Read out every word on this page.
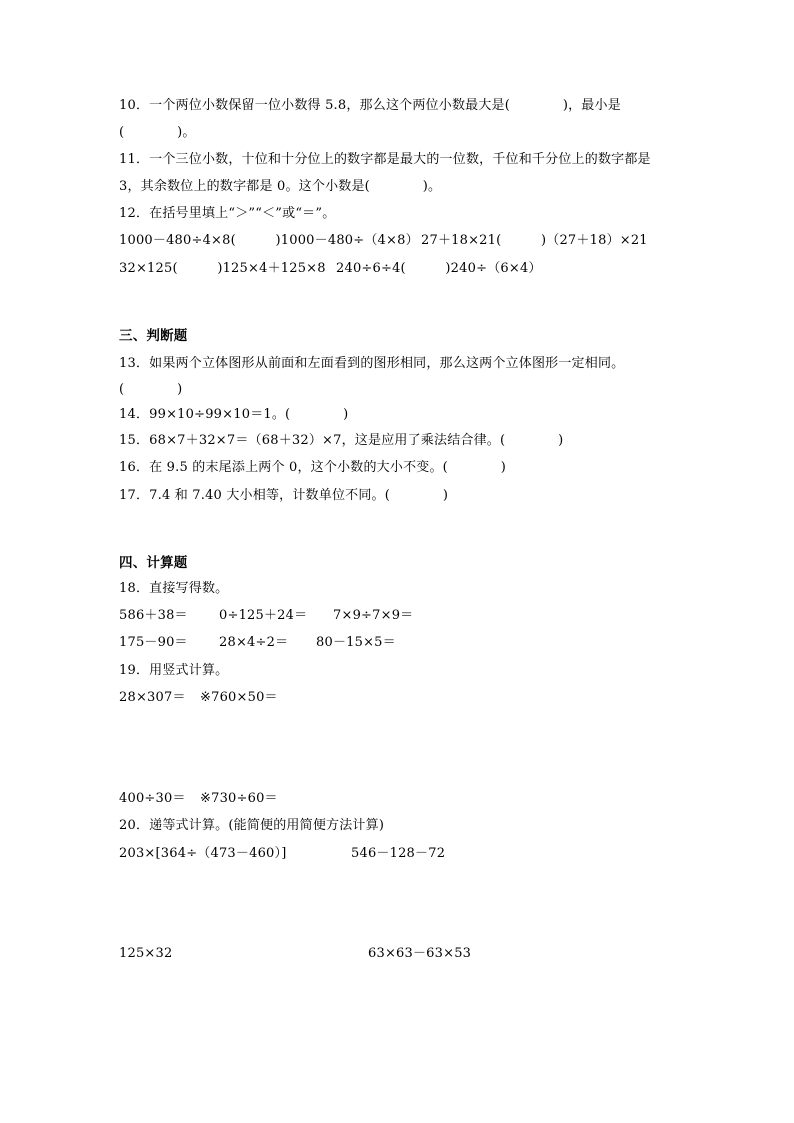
10．一个两位小数保留一位小数得 5.8，那么这个两位小数最大是(　　　　)，最小是
(　　　　)。
11．一个三位小数，十位和十分位上的数字都是最大的一位数，千位和千分位上的数字都是
3，其余数位上的数字都是 0。这个小数是(　　　　)。
12．在括号里填上“＞”“＜”或“＝”。
1000－480÷4×8(　　　)1000－480÷（4×8） 27＋18×21(　　　)（27＋18）×21
32×125(　　　)125×4＋125×8 240÷6÷4(　　　)240÷（6×4）
三、判断题
13．如果两个立体图形从前面和左面看到的图形相同，那么这两个立体图形一定相同。
(　　　　)
14．99×10÷99×10＝1。(　　　　)
15．68×7＋32×7＝（68＋32）×7，这是应用了乘法结合律。(　　　　)
16．在 9.5 的末尾添上两个 0，这个小数的大小不变。(　　　　)
17．7.4 和 7.40 大小相等，计数单位不同。(　　　　)
四、计算题
18．直接写得数。
586＋38＝ 0÷125＋24＝ 7×9÷7×9＝
175－90＝ 28×4÷2＝ 80－15×5＝
19．用竖式计算。
28×307＝ ※760×50＝
400÷30＝ ※730÷60＝
20．递等式计算。(能简便的用简便方法计算)
203×[364÷（473－460）]	546－128－72
125×32	63×63－63×53
